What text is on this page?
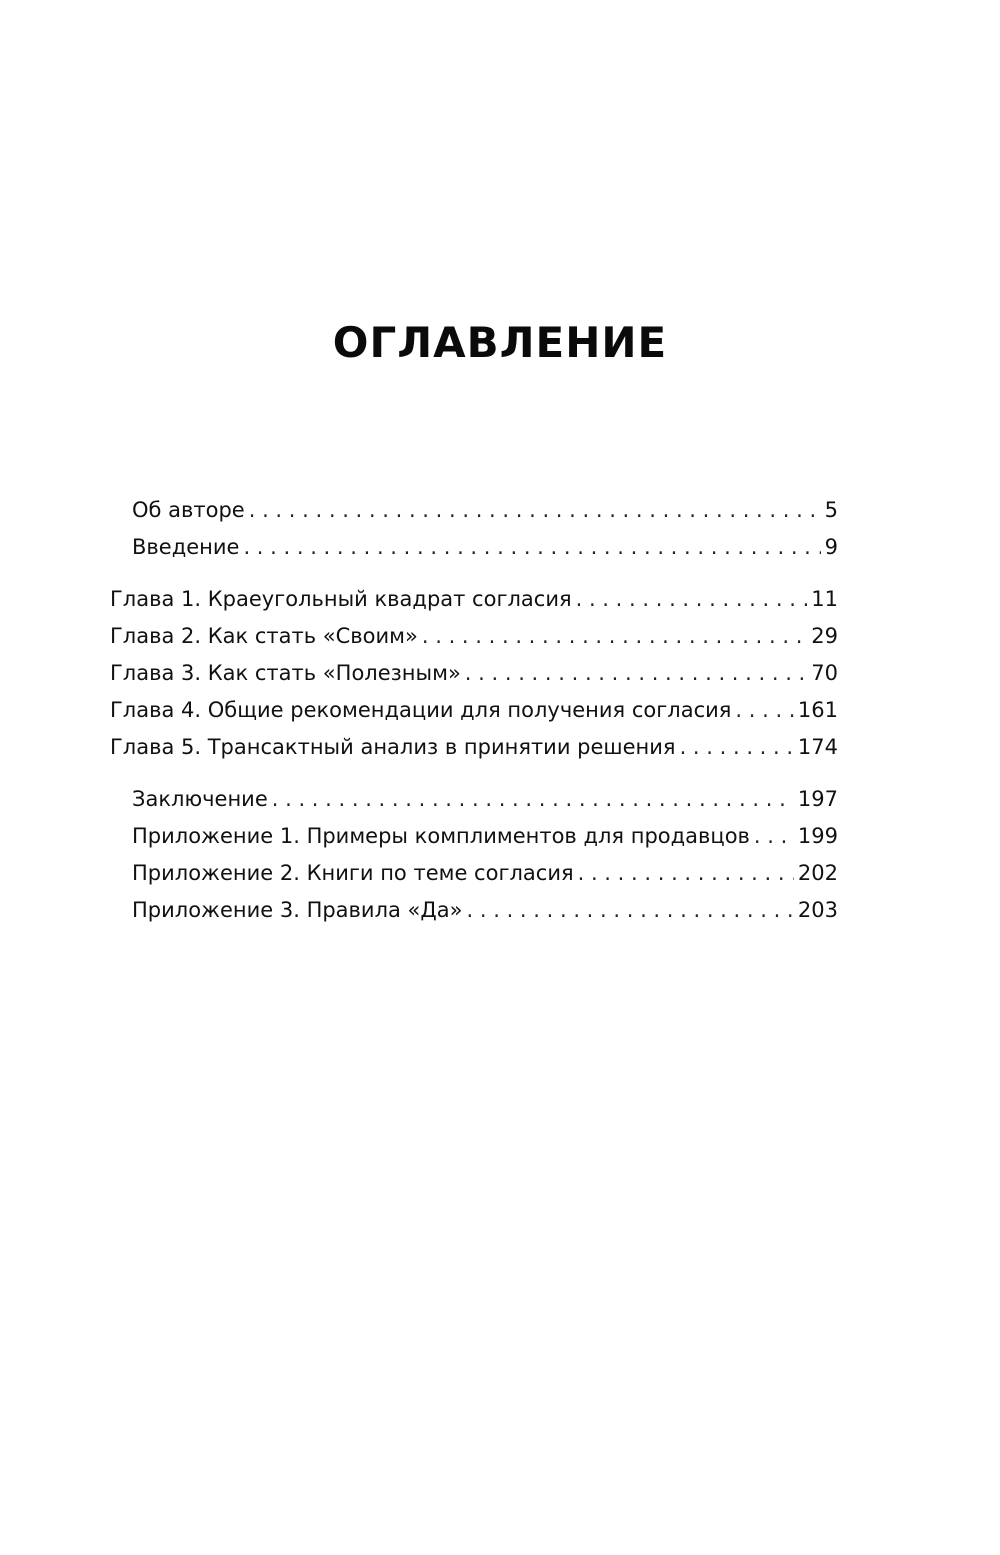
ОГЛАВЛЕНИЕ
Об авторе . . .	5
Введение . . .	9
Глава 1. Краеугольный квадрат согласия . . .	11
Глава 2. Как стать «Своим» . . .	29
Глава 3. Как стать «Полезным» . . .	70
Глава 4. Общие рекомендации для получения согласия . . .	161
Глава 5. Трансактный анализ в принятии решения . . .	174
Заключение . . .	197
Приложение 1. Примеры комплиментов для продавцов . . . 199
Приложение 2. Книги по теме согласия . . .	202
Приложение 3. Правила «Да» . . .	203
